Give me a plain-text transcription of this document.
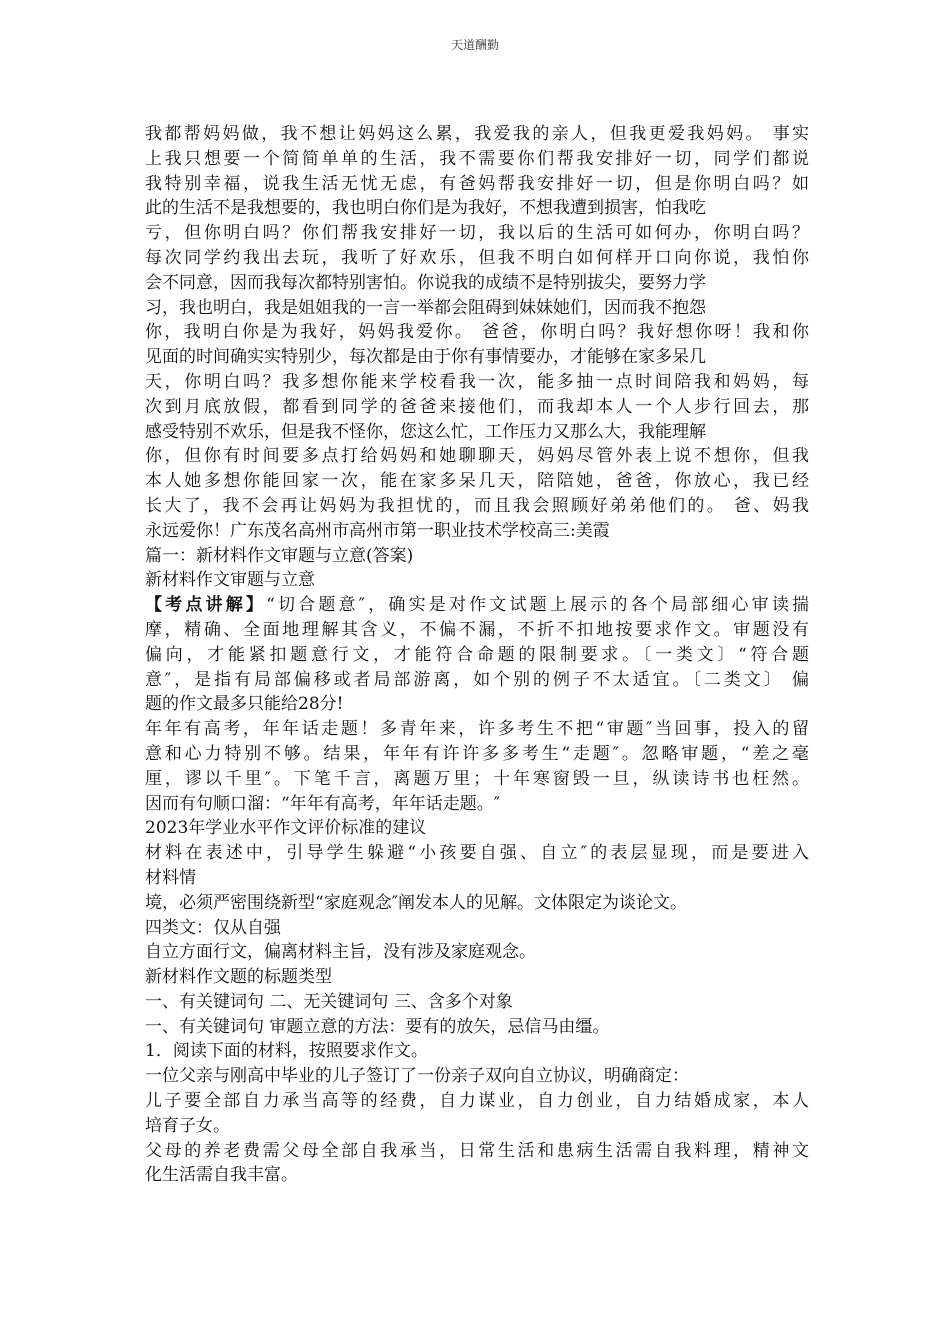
天道酬勤
我都帮妈妈做，我不想让妈妈这么累，我爱我的亲人，但我更爱我妈妈。 事实
上我只想要一个简简单单的生活，我不需要你们帮我安排好一切，同学们都说
我特别幸福，说我生活无忧无虑，有爸妈帮我安排好一切，但是你明白吗？如
此的生活不是我想要的，我也明白你们是为我好，不想我遭到损害，怕我吃
亏，但你明白吗？你们帮我安排好一切，我以后的生活可如何办，你明白吗？
每次同学约我出去玩，我听了好欢乐，但我不明白如何样开口向你说，我怕你
会不同意，因而我每次都特别害怕。你说我的成绩不是特别拔尖，要努力学
习，我也明白，我是姐姐我的一言一举都会阻碍到妹妹她们，因而我不抱怨
你，我明白你是为我好，妈妈我爱你。 爸爸，你明白吗？我好想你呀！我和你
见面的时间确实实特别少，每次都是由于你有事情要办，才能够在家多呆几
天，你明白吗？我多想你能来学校看我一次，能多抽一点时间陪我和妈妈，每
次到月底放假，都看到同学的爸爸来接他们，而我却本人一个人步行回去，那
感受特别不欢乐，但是我不怪你，您这么忙，工作压力又那么大，我能理解
你，但你有时间要多点打给妈妈和她聊聊天，妈妈尽管外表上说不想你，但我
本人她多想你能回家一次，能在家多呆几天，陪陪她，爸爸，你放心，我已经
长大了，我不会再让妈妈为我担忧的，而且我会照顾好弟弟他们的。 爸、妈我
永远爱你！广东茂名高州市高州市第一职业技术学校高三:美霞
篇一：新材料作文审题与立意(答案)
新材料作文审题与立意
【考点讲解】“切合题意″，确实是对作文试题上展示的各个局部细心审读揣
摩，精确、全面地理解其含义，不偏不漏，不折不扣地按要求作文。审题没有
偏向，才能紧扣题意行文，才能符合命题的限制要求。〔一类文〕“符合题
意″，是指有局部偏移或者局部游离，如个别的例子不太适宜。〔二类文〕 偏
题的作文最多只能给28分!
年年有高考，年年话走题！多青年来，许多考生不把“审题″当回事，投入的留
意和心力特别不够。结果，年年有许许多多考生“走题″。忽略审题，“差之毫
厘，谬以千里″。下笔千言，离题万里；十年寒窗毁一旦，纵读诗书也枉然。
因而有句顺口溜：“年年有高考，年年话走题。″
2023年学业水平作文评价标准的建议
材料在表述中，引导学生躲避“小孩要自强、自立″的表层显现，而是要进入
材料情
境，必须严密围绕新型“家庭观念″阐发本人的见解。文体限定为谈论文。
四类文：仅从自强
自立方面行文，偏离材料主旨，没有涉及家庭观念。
新材料作文题的标题类型
一、有关键词句 二、无关键词句 三、含多个对象
一、有关键词句 审题立意的方法：要有的放矢，忌信马由缰。
1．阅读下面的材料，按照要求作文。
一位父亲与刚高中毕业的儿子签订了一份亲子双向自立协议，明确商定：
儿子要全部自力承当高等的经费，自力谋业，自力创业，自力结婚成家，本人
培育子女。
父母的养老费需父母全部自我承当，日常生活和患病生活需自我料理，精神文
化生活需自我丰富。
